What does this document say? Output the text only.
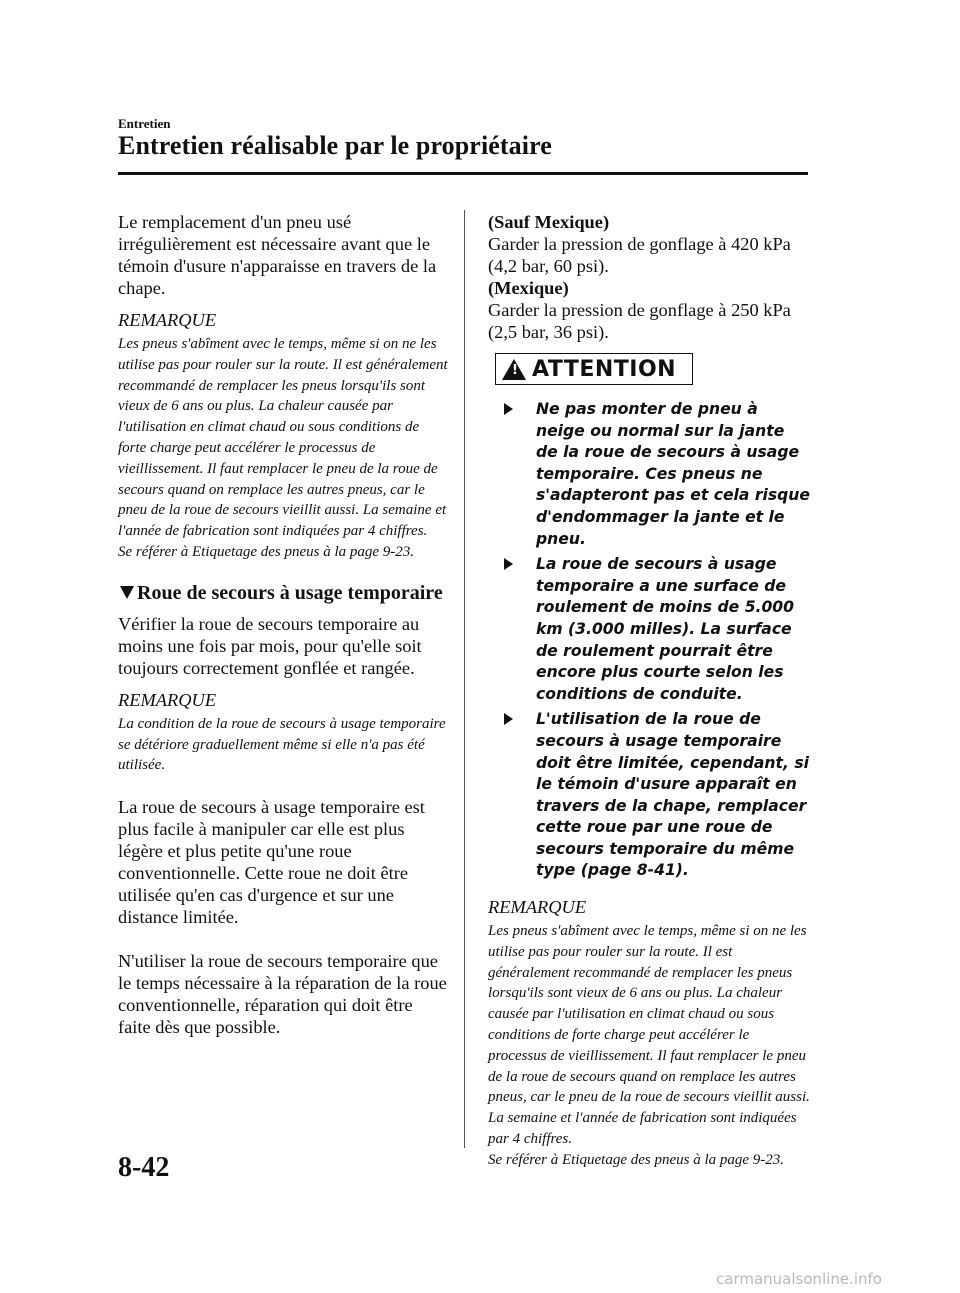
Entretien

Entretien réalisable par le propriétaire

Le remplacement d'un pneu usé irrégulièrement est nécessaire avant que le témoin d'usure n'apparaisse en travers de la chape.

REMARQUE

Les pneus s'abîment avec le temps, même si on ne les utilise pas pour rouler sur la route. Il est généralement recommandé de remplacer les pneus lorsqu'ils sont vieux de 6 ans ou plus. La chaleur causée par l'utilisation en climat chaud ou sous conditions de forte charge peut accélérer le processus de vieillissement. Il faut remplacer le pneu de la roue de secours quand on remplace les autres pneus, car le pneu de la roue de secours vieillit aussi. La semaine et l'année de fabrication sont indiquées par 4 chiffres.

Se référer à Etiquetage des pneus à la page 9-23.

Roue de secours à usage temporaire

Vérifier la roue de secours temporaire au moins une fois par mois, pour qu'elle soit toujours correctement gonflée et rangée.

REMARQUE

La condition de la roue de secours à usage temporaire se détériore graduellement même si elle n'a pas été utilisée.

La roue de secours à usage temporaire est plus facile à manipuler car elle est plus légère et plus petite qu'une roue conventionnelle. Cette roue ne doit être utilisée qu'en cas d'urgence et sur une distance limitée.

N'utiliser la roue de secours temporaire que le temps nécessaire à la réparation de la roue conventionnelle, réparation qui doit être faite dès que possible.

(Sauf Mexique)

Garder la pression de gonflage à 420 kPa (4,2 bar, 60 psi).

(Mexique)

Garder la pression de gonflage à 250 kPa (2,5 bar, 36 psi).

! ATTENTION
Ne pas monter de pneu à neige ou normal sur la jante de la roue de secours à usage temporaire. Ces pneus ne s'adapteront pas et cela risque d'endommager la jante et le pneu.
La roue de secours à usage temporaire a une surface de roulement de moins de 5.000 km (3.000 milles). La surface de roulement pourrait être encore plus courte selon les conditions de conduite.
L'utilisation de la roue de secours à usage temporaire doit être limitée, cependant, si le témoin d'usure apparaît en travers de la chape, remplacer cette roue par une roue de secours temporaire du même type (page 8-41).

REMARQUE

Les pneus s'abîment avec le temps, même si on ne les utilise pas pour rouler sur la route. Il est généralement recommandé de remplacer les pneus lorsqu'ils sont vieux de 6 ans ou plus. La chaleur causée par l'utilisation en climat chaud ou sous conditions de forte charge peut accélérer le processus de vieillissement. Il faut remplacer le pneu de la roue de secours quand on remplace les autres pneus, car le pneu de la roue de secours vieillit aussi. La semaine et l'année de fabrication sont indiquées par 4 chiffres.

Se référer à Etiquetage des pneus à la page 9-23.

8-42

carmanualsonline.info
